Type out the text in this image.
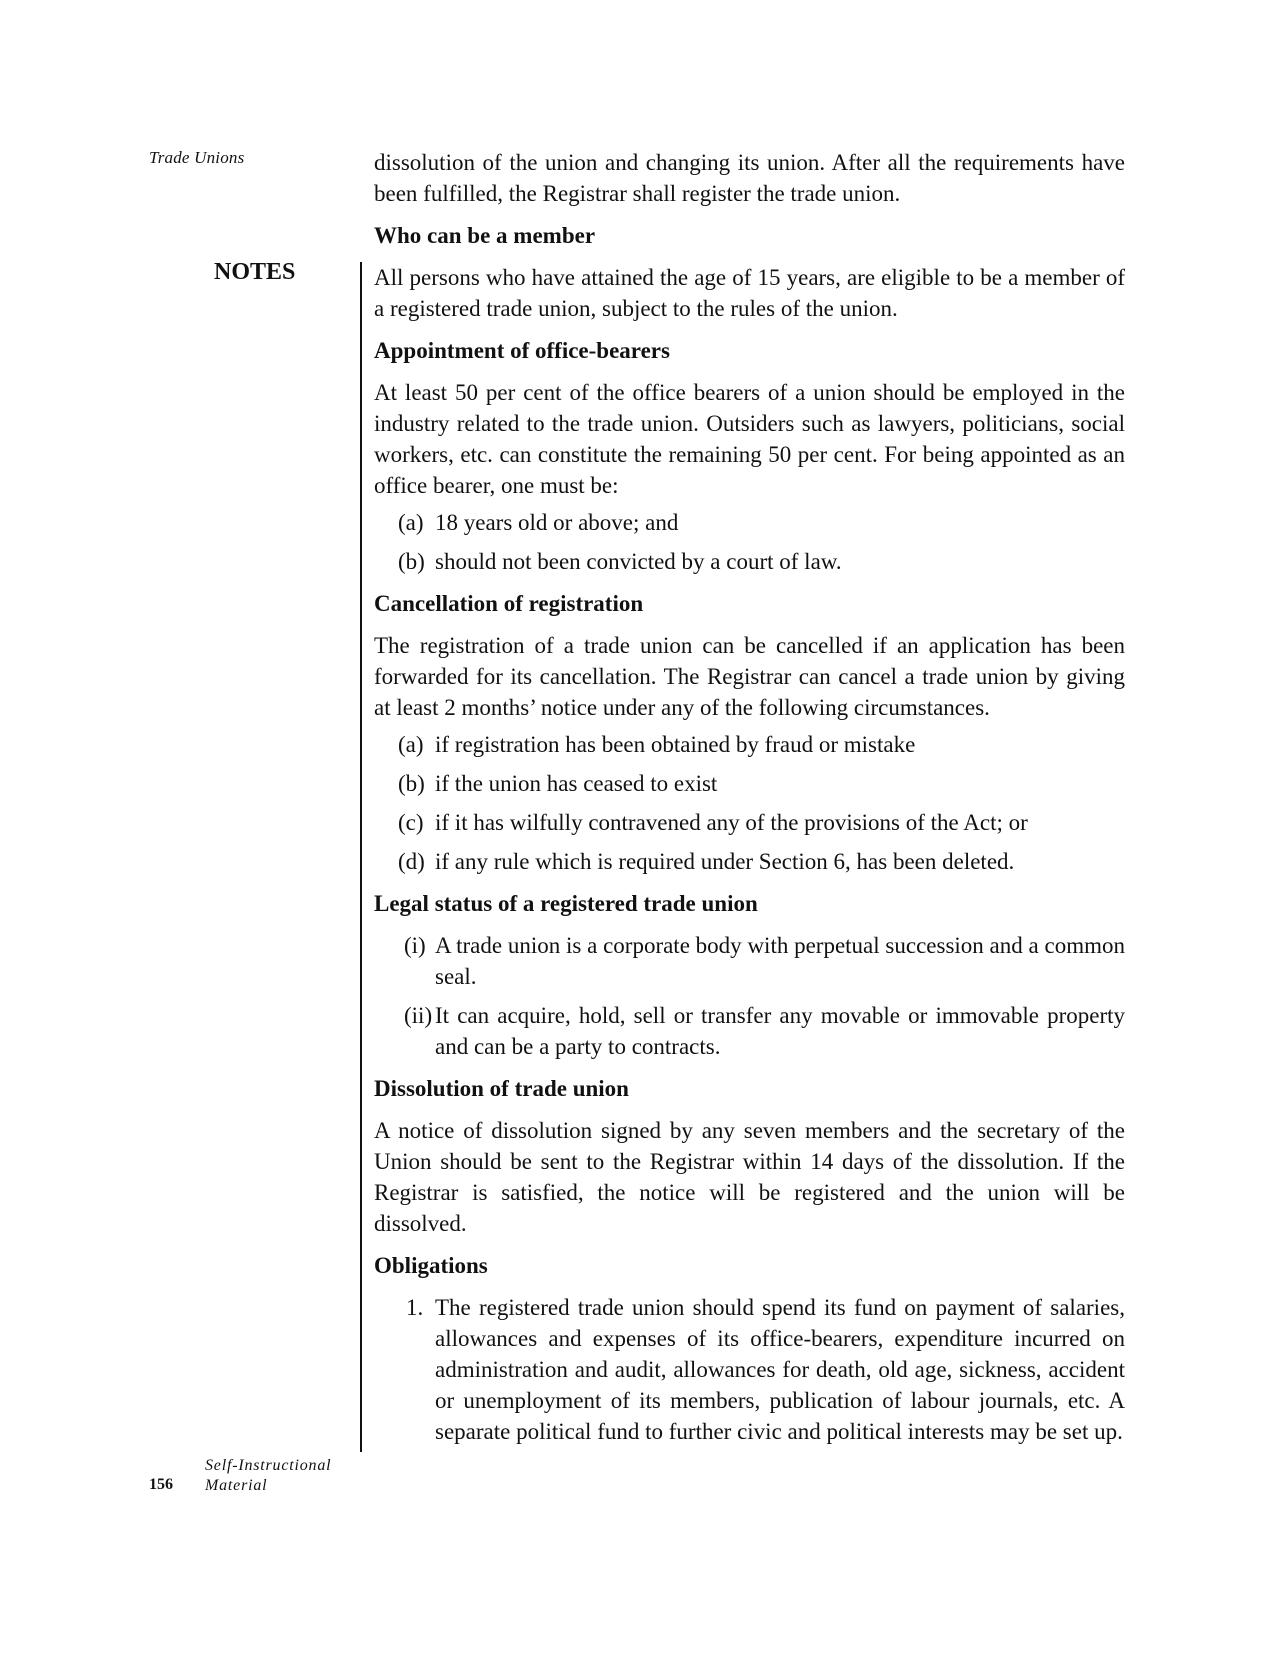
Trade Unions
NOTES
Self-Instructional
Material
156

dissolution of the union and changing its union. After all the requirements have been fulfilled, the Registrar shall register the trade union.

Who can be a member

All persons who have attained the age of 15 years, are eligible to be a member of a registered trade union, subject to the rules of the union.

Appointment of office-bearers

At least 50 per cent of the office bearers of a union should be employed in the industry related to the trade union. Outsiders such as lawyers, politicians, social workers, etc. can constitute the remaining 50 per cent. For being appointed as an office bearer, one must be:

(a) 18 years old or above; and
(b) should not been convicted by a court of law.
Cancellation of registration

The registration of a trade union can be cancelled if an application has been forwarded for its cancellation. The Registrar can cancel a trade union by giving at least 2 months’ notice under any of the following circumstances.

(a) if registration has been obtained by fraud or mistake
(b) if the union has ceased to exist
(c) if it has wilfully contravened any of the provisions of the Act; or
(d) if any rule which is required under Section 6, has been deleted.
Legal status of a registered trade union
(i) A trade union is a corporate body with perpetual succession and a common seal.
(ii) It can acquire, hold, sell or transfer any movable or immovable property and can be a party to contracts.
Dissolution of trade union

A notice of dissolution signed by any seven members and the secretary of the Union should be sent to the Registrar within 14 days of the dissolution. If the Registrar is satisfied, the notice will be registered and the union will be dissolved.

Obligations
1. The registered trade union should spend its fund on payment of salaries, allowances and expenses of its office-bearers, expenditure incurred on administration and audit, allowances for death, old age, sickness, accident or unemployment of its members, publication of labour journals, etc. A separate political fund to further civic and political interests may be set up.
